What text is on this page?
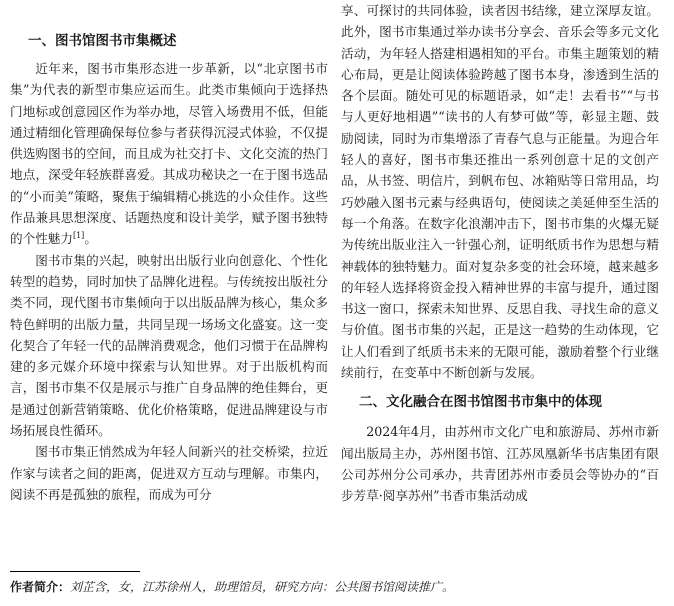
一、图书馆图书市集概述

近年来，图书市集形态进一步革新，以“北京图书市集”为代表的新型市集应运而生。此类市集倾向于选择热门地标或创意园区作为举办地，尽管入场费用不低，但能通过精细化管理确保每位参与者获得沉浸式体验，不仅提供选购图书的空间，而且成为社交打卡、文化交流的热门地点，深受年轻族群喜爱。其成功秘诀之一在于图书选品的“小而美”策略，聚焦于编辑精心挑选的小众佳作。这些作品兼具思想深度、话题热度和设计美学，赋予图书独特的个性魅力[1]。

图书市集的兴起，映射出出版行业向创意化、个性化转型的趋势，同时加快了品牌化进程。与传统按出版社分类不同，现代图书市集倾向于以出版品牌为核心，集众多特色鲜明的出版力量，共同呈现一场场文化盛宴。这一变化契合了年轻一代的品牌消费观念，他们习惯于在品牌构建的多元媒介环境中探索与认知世界。对于出版机构而言，图书市集不仅是展示与推广自身品牌的绝佳舞台，更是通过创新营销策略、优化价格策略，促进品牌建设与市场拓展良性循环。

图书市集正悄然成为年轻人间新兴的社交桥梁，拉近作家与读者之间的距离，促进双方互动与理解。市集内，阅读不再是孤独的旅程，而成为可分

享、可探讨的共同体验，读者因书结缘，建立深厚友谊。此外，图书市集通过举办读书分享会、音乐会等多元文化活动，为年轻人搭建相遇相知的平台。市集主题策划的精心布局，更是让阅读体验跨越了图书本身，渗透到生活的各个层面。随处可见的标题语录，如“走！去看书”“与书与人更好地相遇”“读书的人有梦可做”等，彰显主题、鼓励阅读，同时为市集增添了青春气息与正能量。为迎合年轻人的喜好，图书市集还推出一系列创意十足的文创产品，从书签、明信片，到帆布包、冰箱贴等日常用品，均巧妙融入图书元素与经典语句，使阅读之美延伸至生活的每一个角落。在数字化浪潮冲击下，图书市集的火爆无疑为传统出版业注入一针强心剂，证明纸质书作为思想与精神载体的独特魅力。面对复杂多变的社会环境，越来越多的年轻人选择将资金投入精神世界的丰富与提升，通过图书这一窗口，探索未知世界、反思自我、寻找生命的意义与价值。图书市集的兴起，正是这一趋势的生动体现，它让人们看到了纸质书未来的无限可能，激励着整个行业继续前行，在变革中不断创新与发展。

二、文化融合在图书馆图书市集中的体现

2024年4月，由苏州市文化广电和旅游局、苏州市新闻出版局主办，苏州图书馆、江苏凤凰新华书店集团有限公司苏州分公司承办，共青团苏州市委员会等协办的“百步芳草·阅享苏州”书香市集活动成

作者简介：刘芷含，女，江苏徐州人，助理馆员，研究方向：公共图书馆阅读推广。
